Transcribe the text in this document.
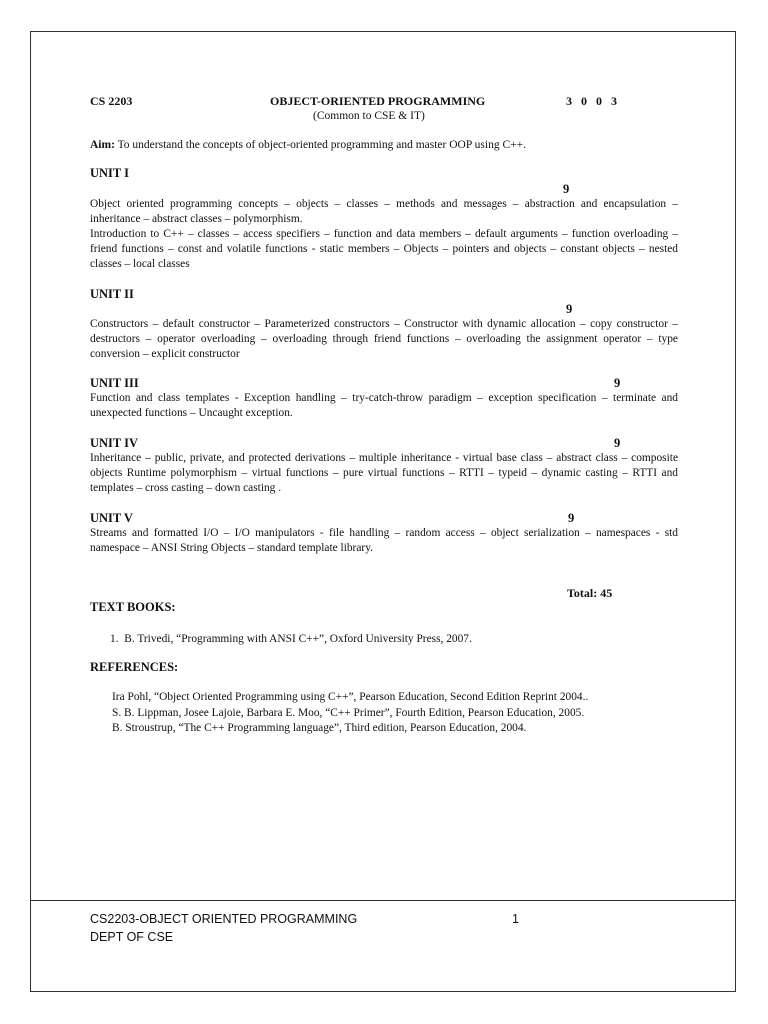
CS 2203	OBJECT-ORIENTED PROGRAMMING	3 0 0 3
(Common to CSE & IT)
Aim: To understand the concepts of object-oriented programming and master OOP using C++.
UNIT I
9

Object oriented programming concepts – objects – classes – methods and messages – abstraction and encapsulation – inheritance – abstract classes – polymorphism.

Introduction to C++ – classes – access specifiers – function and data members – default arguments – function overloading – friend functions – const and volatile functions - static members – Objects – pointers and objects – constant objects – nested classes – local classes

UNIT II
9

Constructors – default constructor – Parameterized constructors – Constructor with dynamic allocation – copy constructor – destructors – operator overloading – overloading through friend functions – overloading the assignment operator – type conversion – explicit constructor

UNIT III	9

Function and class templates - Exception handling – try-catch-throw paradigm – exception specification – terminate and unexpected functions – Uncaught exception.

UNIT IV	9

Inheritance – public, private, and protected derivations – multiple inheritance - virtual base class – abstract class – composite objects Runtime polymorphism – virtual functions – pure virtual functions – RTTI – typeid – dynamic casting – RTTI and templates – cross casting – down casting .

UNIT V	9

Streams and formatted I/O – I/O manipulators - file handling – random access – object serialization – namespaces - std namespace – ANSI String Objects – standard template library.

Total: 45
TEXT BOOKS:
1.  B. Trivedi, “Programming with ANSI C++”, Oxford University Press, 2007.
REFERENCES:
Ira Pohl, “Object Oriented Programming using C++”, Pearson Education, Second Edition Reprint 2004..
S. B. Lippman, Josee Lajoie, Barbara E. Moo, “C++ Primer”, Fourth Edition, Pearson Education, 2005.
B. Stroustrup, “The C++ Programming language”, Third edition, Pearson Education, 2004.
CS2203-OBJECT ORIENTED PROGRAMMING	1
DEPT OF CSE
